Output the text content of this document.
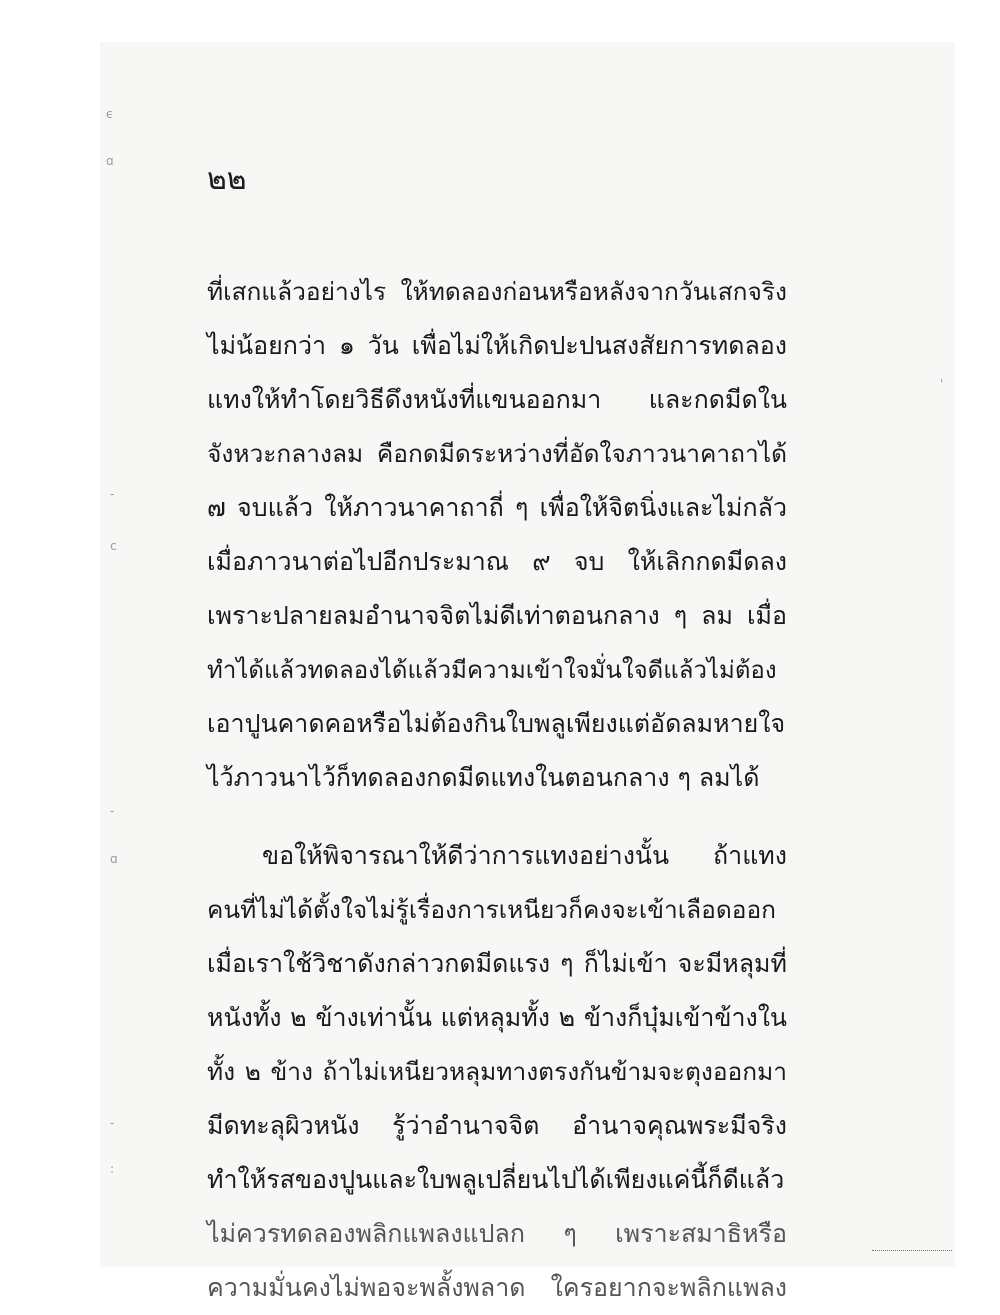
ϵ
ɑ
-
c
-
ɑ
-
:
'
๒๒
ที่เสกแล้วอย่างไร ให้ทดลองก่อนหรือหลังจากวันเสกจริง
ไม่น้อยกว่า ๑ วัน เพื่อไม่ให้เกิดปะปนสงสัยการทดลอง
แทงให้ทำโดยวิธีดึงหนังที่แขนออกมา และกดมีดใน
จังหวะกลางลม คือกดมีดระหว่างที่อัดใจภาวนาคาถาได้
๗ จบแล้ว ให้ภาวนาคาถาถี่ ๆ เพื่อให้จิตนิ่งและไม่กลัว
เมื่อภาวนาต่อไปอีกประมาณ ๙ จบ ให้เลิกกดมีดลง
เพราะปลายลมอำนาจจิตไม่ดีเท่าตอนกลาง ๆ ลม เมื่อ
ทำได้แล้วทดลองได้แล้วมีความเข้าใจมั่นใจดีแล้วไม่ต้อง
เอาปูนคาดคอหรือไม่ต้องกินใบพลูเพียงแต่อัดลมหายใจ
ไว้ภาวนาไว้ก็ทดลองกดมีดแทงในตอนกลาง ๆ ลมได้
ขอให้พิจารณาให้ดีว่าการแทงอย่างนั้น ถ้าแทง
คนที่ไม่ได้ตั้งใจไม่รู้เรื่องการเหนียวก็คงจะเข้าเลือดออก
เมื่อเราใช้วิชาดังกล่าวกดมีดแรง ๆ ก็ไม่เข้า จะมีหลุมที่
หนังทั้ง ๒ ข้างเท่านั้น แต่หลุมทั้ง ๒ ข้างก็บุ๋มเข้าข้างใน
ทั้ง ๒ ข้าง ถ้าไม่เหนียวหลุมทางตรงกันข้ามจะตุงออกมา
มีดทะลุผิวหนัง รู้ว่าอำนาจจิต อำนาจคุณพระมีจริง
ทำให้รสของปูนและใบพลูเปลี่ยนไปได้เพียงแค่นี้ก็ดีแล้ว
ไม่ควรทดลองพลิกแพลงแปลก ๆ เพราะสมาธิหรือ
ความมั่นคงไม่พอจะพลั้งพลาด ใครอยากจะพลิกแพลง
